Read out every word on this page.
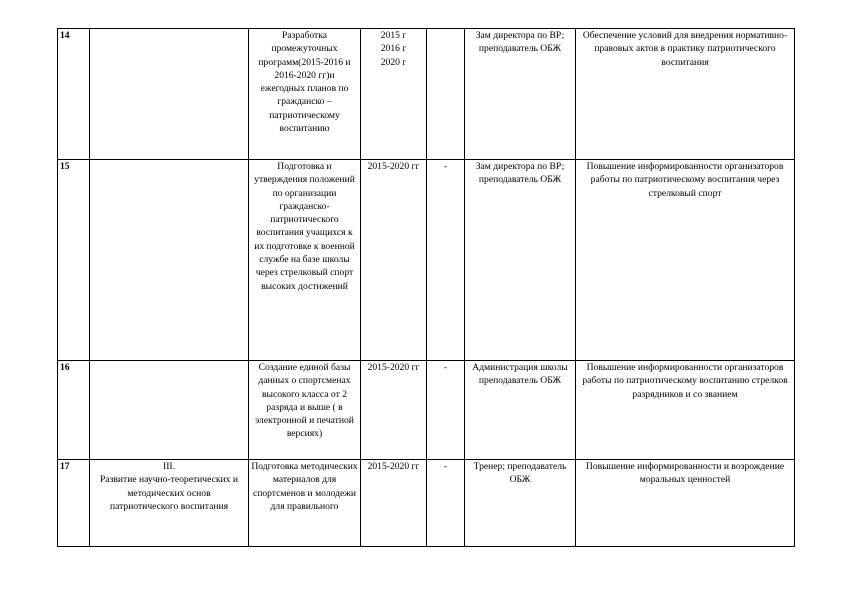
14		Разработка промежуточных программ(2015-2016 и 2016-2020 гг)и ежегодных планов по гражданско – патриотическому воспитанию	2015 г
2016 г
2020 г		Зам директора по ВР; преподаватель ОБЖ	Обеспечение условий для внедрения нормативно-правовых актов в практику патриотического воспитания
15		Подготовка и утверждения положений по организации гражданско-патриотического воспитания учащихся к их подготовке к военной службе на базе школы через стрелковый спорт высоких достижений	2015-2020 гг	-	Зам директора по ВР; преподаватель ОБЖ	Повышение информированности организаторов работы по патриотическому воспитания через стрелковый спорт
16		Создание единой базы данных о спортсменах высокого класса от 2 разряда и выше ( в электронной и печатной версиях)	2015-2020 гг	-	Администрация школы преподаватель ОБЖ	Повышение информированности организаторов работы по патриотическому воспитанию стрелков разрядников и со званием
17	III.
Развитие научно-теоретических и методических основ патриотического воспитания	Подготовка методических материалов для спортсменов и молодежи для правильного	2015-2020 гг	-	Тренер; преподаватель ОБЖ	Повышение информированности и возрождение моральных ценностей
